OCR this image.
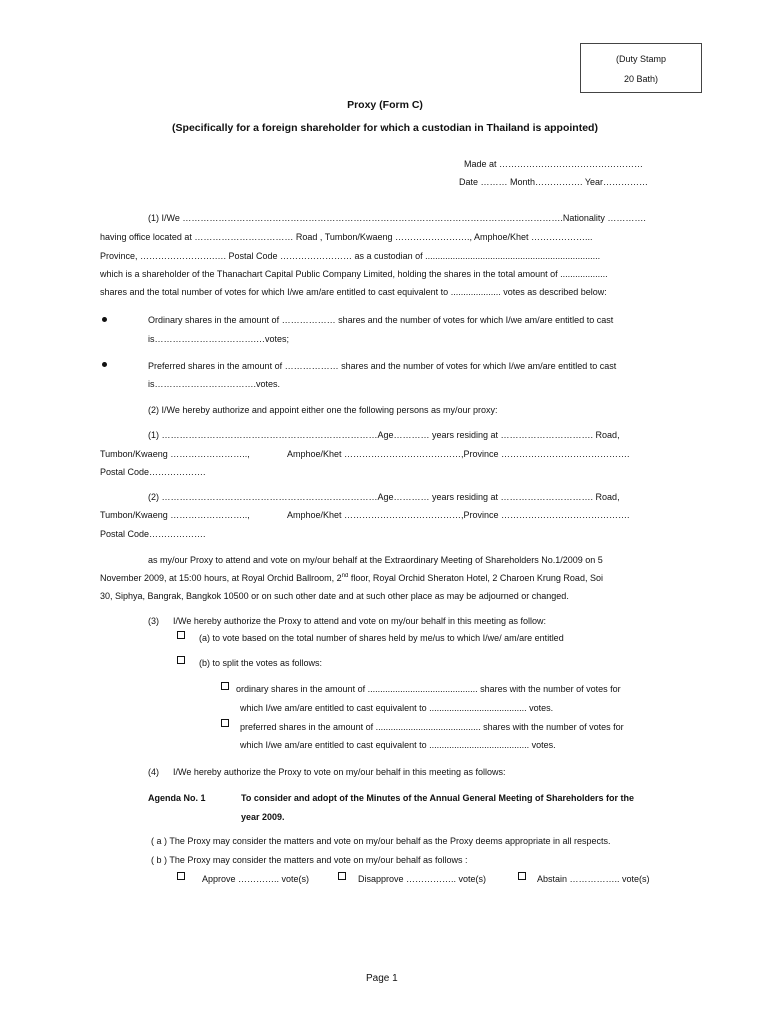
(Duty Stamp
20 Bath)
Proxy (Form C)
(Specifically for a foreign shareholder for which a custodian in Thailand is appointed)
Made at …………………………………………
Date ……… Month……………. Year……………
(1) I/We ……………………………………………………………………………………………………………….Nationality ………….
having office located at …………………………… Road , Tumbon/Kwaeng ……………………., Amphoe/Khet ………………...
Province, …………………….…. Postal Code …………………… as a custodian of ......................................................................
which is a shareholder of the Thanachart Capital Public Company Limited, holding the shares in the total amount of ...................
shares and the total number of votes for which I/we am/are entitled to cast equivalent to .................... votes as described below:
Ordinary shares in the amount of ……………… shares and the number of votes for which I/we am/are entitled to cast
is…………………………….…votes;
Preferred shares in the amount of ……………… shares and the number of votes for which I/we am/are entitled to cast
is…………………………….votes.
(2) I/We hereby authorize and appoint either one the following persons as my/our proxy:
(1) ………………………………………………………………Age………… years residing at …………………………. Road,
Tumbon/Kwaeng ……………………..,	Amphoe/Khet …………………………………,Province …………………………………….
Postal Code……………….
(2) ………………………………………………………………Age………… years residing at …………………………. Road,
Tumbon/Kwaeng ……………………..,	Amphoe/Khet …………………………………,Province …………………………………….
Postal Code……………….
as my/our Proxy to attend and vote on my/our behalf at the Extraordinary Meeting of Shareholders No.1/2009 on 5
November 2009, at 15:00 hours, at Royal Orchid Ballroom, 2nd floor, Royal Orchid Sheraton Hotel, 2 Charoen Krung Road, Soi
30, Siphya, Bangrak, Bangkok 10500 or on such other date and at such other place as may be adjourned or changed.
(3) I/We hereby authorize the Proxy to attend and vote on my/our behalf in this meeting as follow:
(a) to vote based on the total number of shares held by me/us to which I/we/ am/are entitled
(b) to split the votes as follows:
ordinary shares in the amount of ............................................ shares with the number of votes for
which I/we am/are entitled to cast equivalent to ....................................... votes.
preferred shares in the amount of .......................................... shares with the number of votes for
which I/we am/are entitled to cast equivalent to ........................................ votes.
(4) I/We hereby authorize the Proxy to vote on my/our behalf in this meeting as follows:
Agenda No. 1	To consider and adopt of the Minutes of the Annual General Meeting of Shareholders for the
year 2009.
( a ) The Proxy may consider the matters and vote on my/our behalf as the Proxy deems appropriate in all respects.
( b ) The Proxy may consider the matters and vote on my/our behalf as follows :
Approve ………….. vote(s)	Disapprove …………….. vote(s)	Abstain …………….. vote(s)
Page 1
